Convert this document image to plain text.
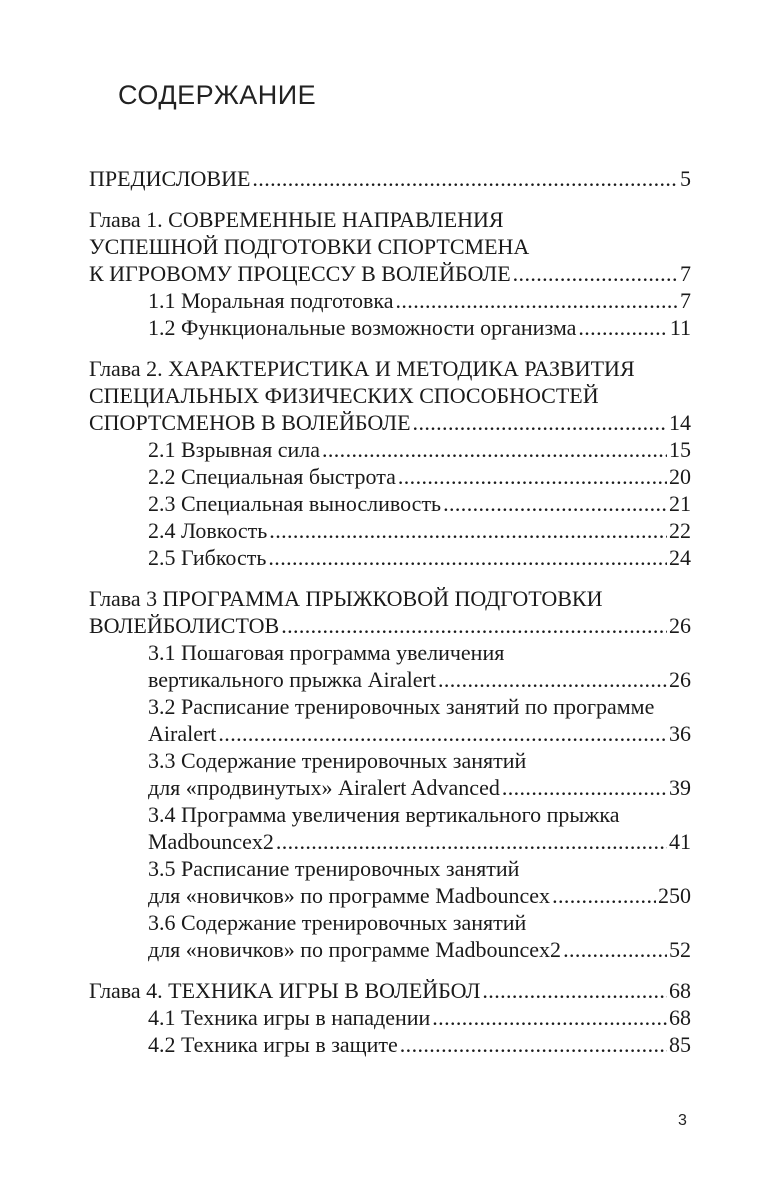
СОДЕРЖАНИЕ
ПРЕДИСЛОВИЕ .....	5
Глава 1. СОВРЕМЕННЫЕ НАПРАВЛЕНИЯ
УСПЕШНОЙ ПОДГОТОВКИ СПОРТСМЕНА
К ИГРОВОМУ ПРОЦЕССУ В ВОЛЕЙБОЛЕ .....	7
1.1 Моральная подготовка .....	7
1.2 Функциональные возможности организма .....	11
Глава 2. ХАРАКТЕРИСТИКА И МЕТОДИКА РАЗВИТИЯ
СПЕЦИАЛЬНЫХ ФИЗИЧЕСКИХ СПОСОБНОСТЕЙ
СПОРТСМЕНОВ В ВОЛЕЙБОЛЕ .....	14
2.1 Взрывная сила .....	15
2.2 Специальная быстрота .....	20
2.3 Специальная выносливость .....	21
2.4 Ловкость .....	22
2.5 Гибкость .....	24
Глава 3 ПРОГРАММА ПРЫЖКОВОЙ ПОДГОТОВКИ
ВОЛЕЙБОЛИСТОВ .....	26
3.1 Пошаговая программа увеличения
вертикального прыжка Airalert .....	26
3.2 Расписание тренировочных занятий по программе
Airalert .....	36
3.3 Содержание тренировочных занятий
для «продвинутых» Airalert Advanced .....	39
3.4 Программа увеличения вертикального прыжка
Madbouncex2 .....	41
3.5 Расписание тренировочных занятий
для «новичков» по программе Madbouncex .....	250
3.6 Содержание тренировочных занятий
для «новичков» по программе Madbouncex2 .....	52
Глава 4. ТЕХНИКА ИГРЫ В ВОЛЕЙБОЛ .....	68
4.1 Техника игры в нападении .....	68
4.2 Техника игры в защите .....	85
3
